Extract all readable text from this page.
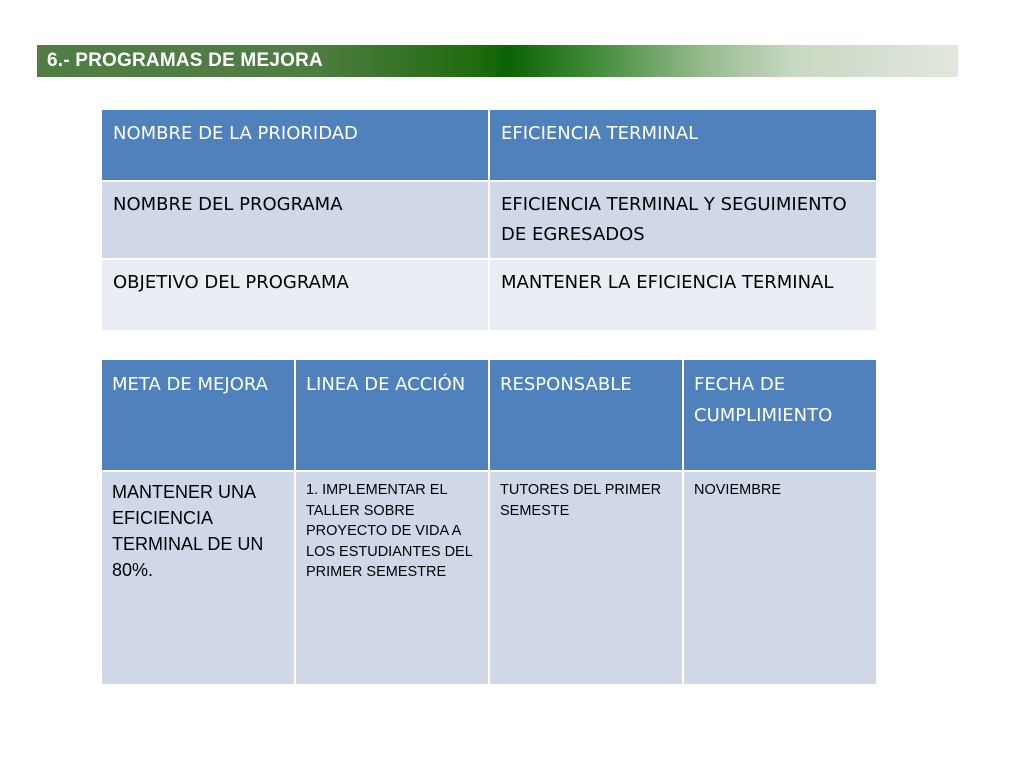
6.- PROGRAMAS DE MEJORA
NOMBRE DE LA PRIORIDAD	EFICIENCIA TERMINAL
NOMBRE DEL PROGRAMA	EFICIENCIA TERMINAL Y SEGUIMIENTO DE EGRESADOS
OBJETIVO DEL PROGRAMA	MANTENER LA EFICIENCIA TERMINAL
META DE MEJORA	LINEA DE ACCIÓN	RESPONSABLE	FECHA DE CUMPLIMIENTO
MANTENER UNA EFICIENCIA TERMINAL DE UN 80%.	1. IMPLEMENTAR EL TALLER SOBRE PROYECTO DE VIDA A LOS ESTUDIANTES DEL PRIMER SEMESTRE	TUTORES DEL PRIMER SEMESTE	NOVIEMBRE
